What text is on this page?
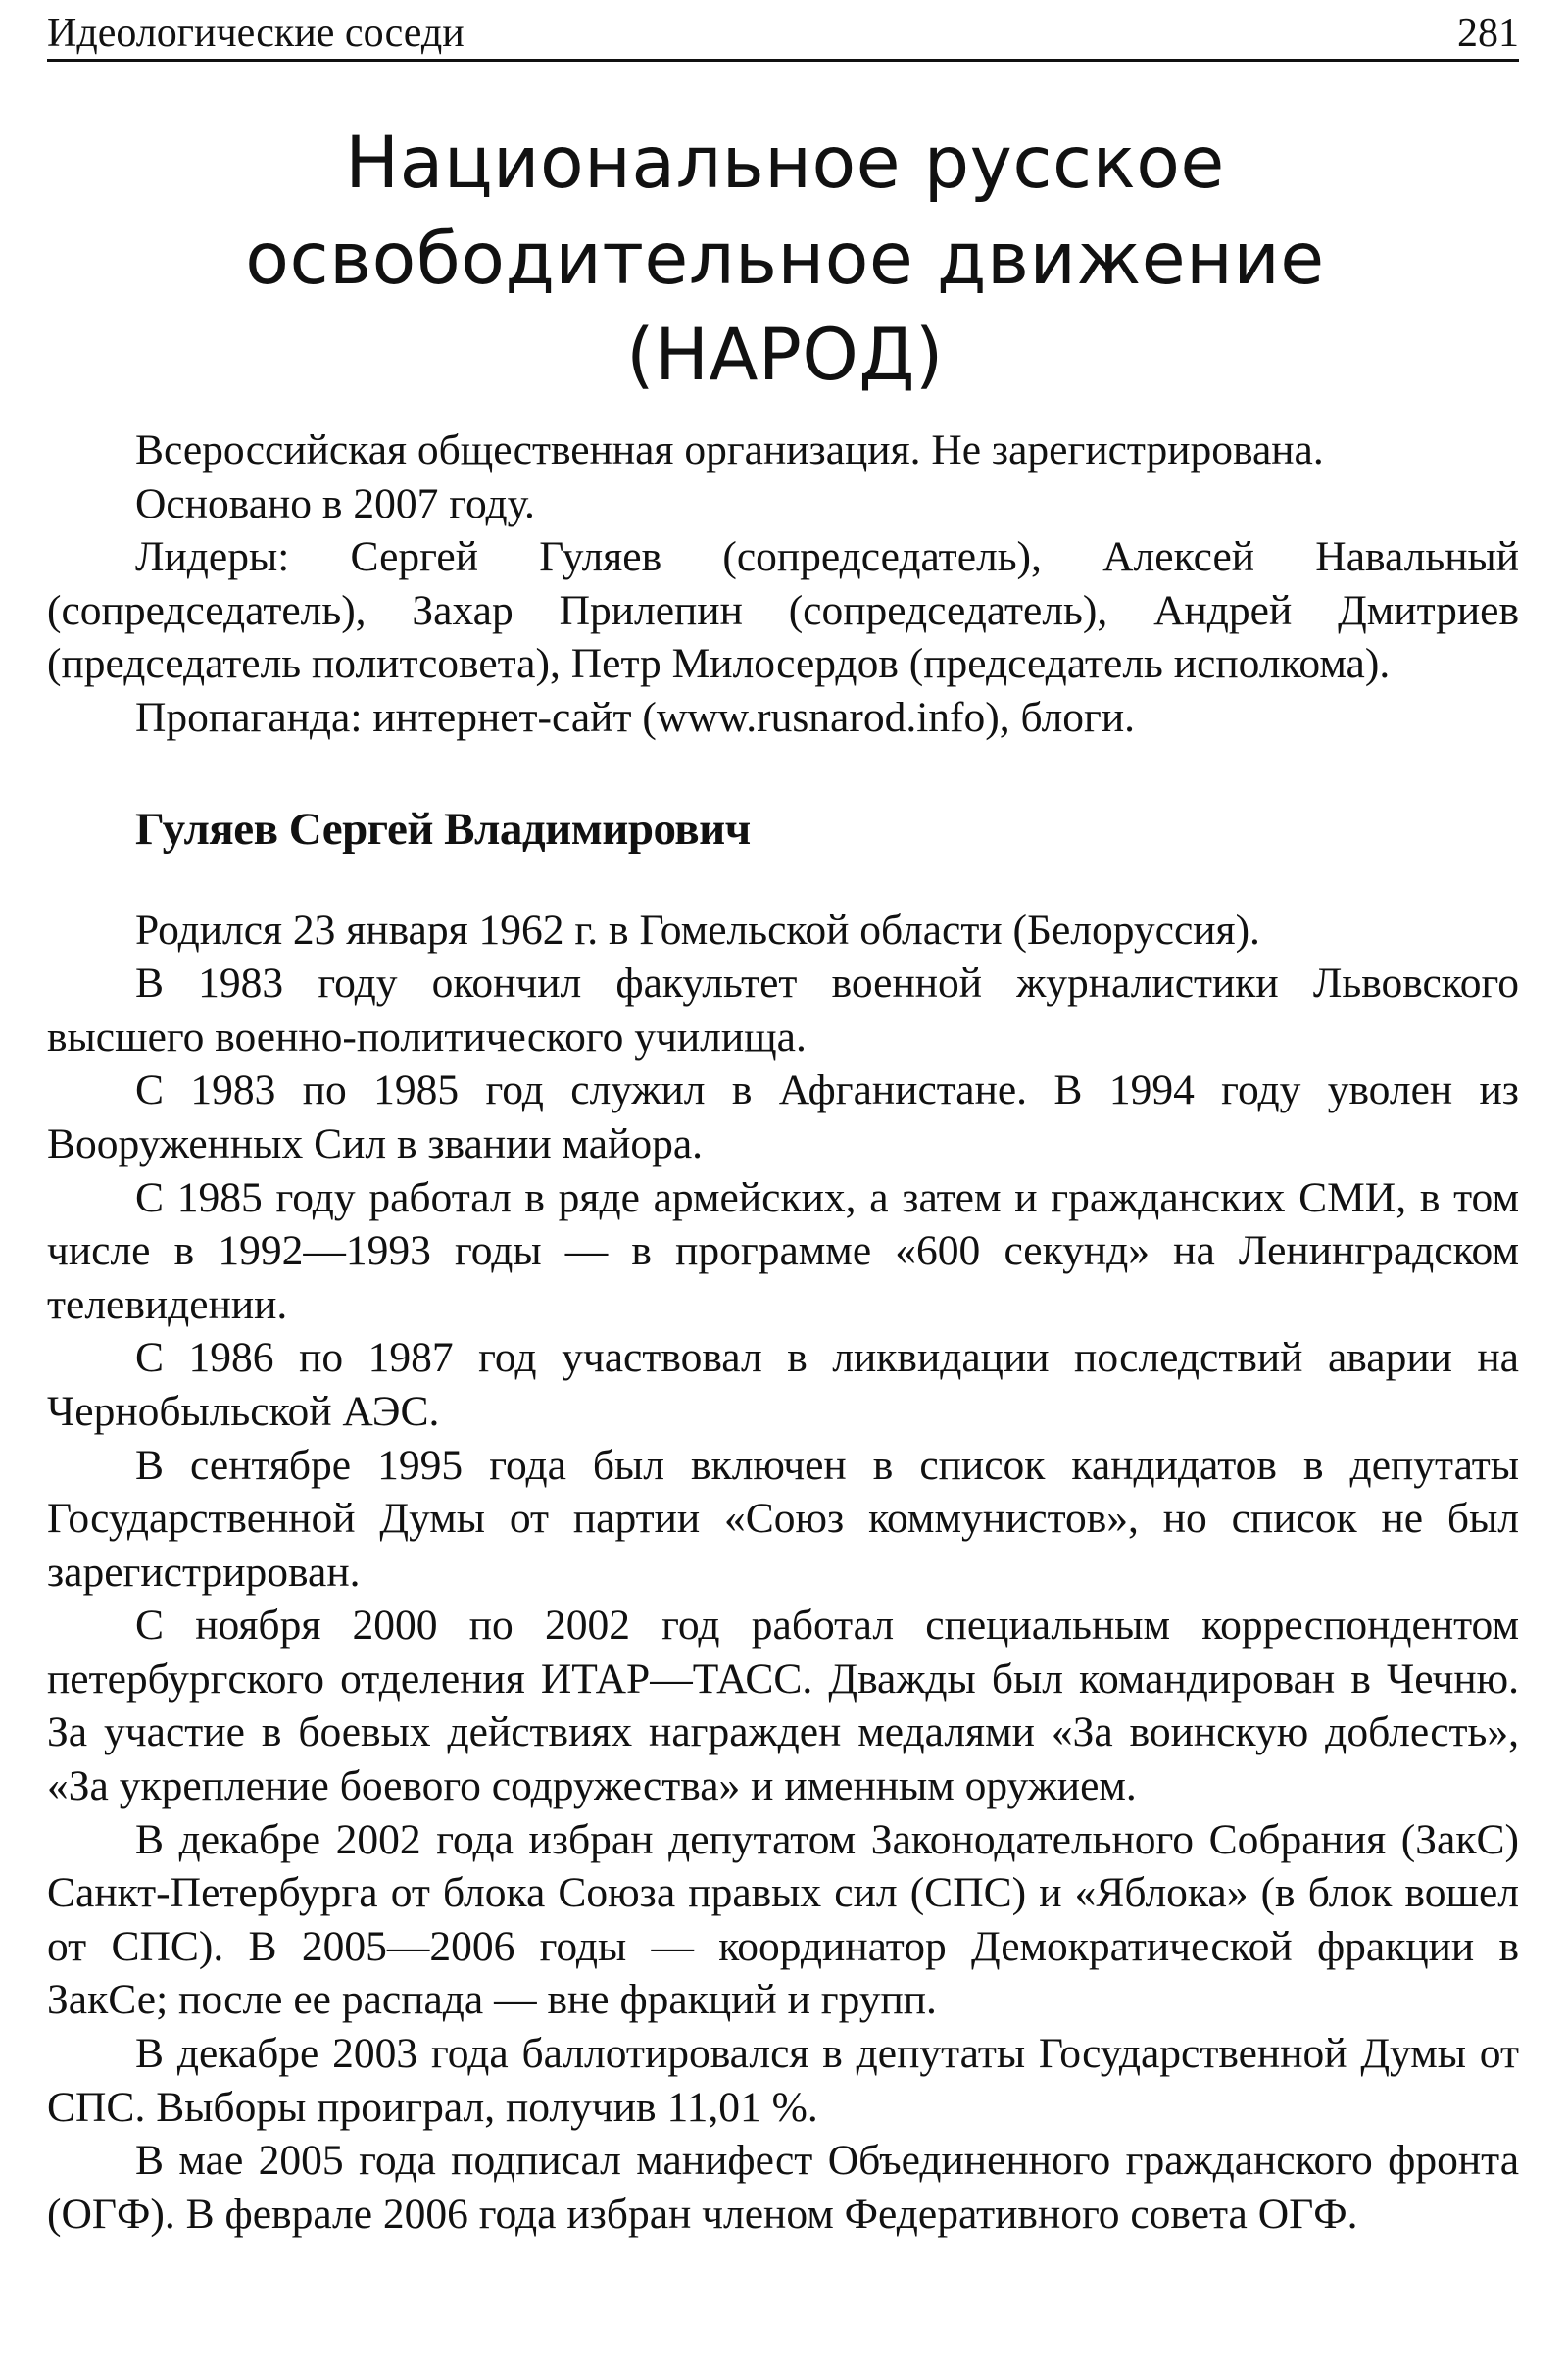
Идеологические соседи	281
Национальное русское
освободительное движение
(НАРОД)

Всероссийская общественная организация. Не зарегистрирована.

Основано в 2007 году.

Лидеры: Сергей Гуляев (сопредседатель), Алексей Навальный (сопредседатель), Захар Прилепин (сопредседатель), Андрей Дмитриев (председатель политсовета), Петр Милосердов (председатель исполкома).

Пропаганда: интернет-сайт (www.rusnarod.info), блоги.

Гуляев Сергей Владимирович

Родился 23 января 1962 г. в Гомельской области (Белоруссия).

В 1983 году окончил факультет военной журналистики Львовского высшего военно-политического училища.

С 1983 по 1985 год служил в Афганистане. В 1994 году уволен из Вооруженных Сил в звании майора.

С 1985 году работал в ряде армейских, а затем и гражданских СМИ, в том числе в 1992—1993 годы — в программе «600 секунд» на Ленинградском телевидении.

С 1986 по 1987 год участвовал в ликвидации последствий аварии на Чернобыльской АЭС.

В сентябре 1995 года был включен в список кандидатов в депутаты Государственной Думы от партии «Союз коммунистов», но список не был зарегистрирован.

С ноября 2000 по 2002 год работал специальным корреспондентом петербургского отделения ИТАР—ТАСС. Дважды был командирован в Чечню. За участие в боевых действиях награжден медалями «За воинскую доблесть», «За укрепление боевого содружества» и именным оружием.

В декабре 2002 года избран депутатом Законодательного Собрания (ЗакС) Санкт-Петербурга от блока Союза правых сил (СПС) и «Яблока» (в блок вошел от СПС). В 2005—2006 годы — координатор Демократической фракции в ЗакСе; после ее распада — вне фракций и групп.

В декабре 2003 года баллотировался в депутаты Государственной Думы от СПС. Выборы проиграл, получив 11,01 %.

В мае 2005 года подписал манифест Объединенного гражданского фронта (ОГФ). В феврале 2006 года избран членом Федеративного совета ОГФ.
